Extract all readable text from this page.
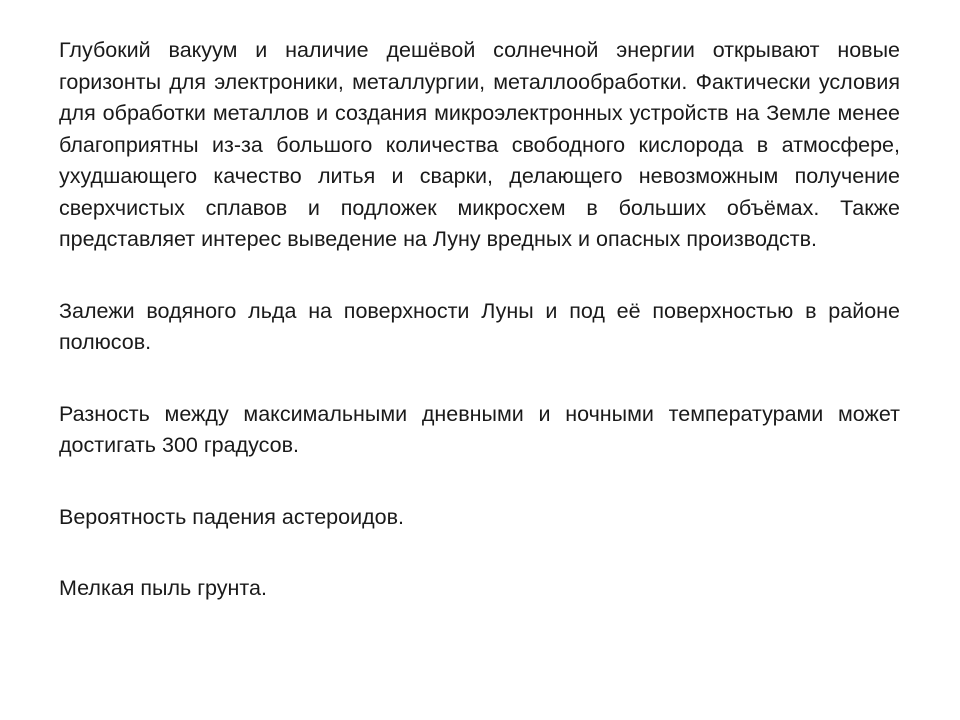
Глубокий вакуум и наличие дешёвой солнечной энергии открывают новые горизонты для электроники, металлургии, металлообработки. Фактически условия для обработки металлов и создания микроэлектронных устройств на Земле менее благоприятны из-за большого количества свободного кислорода в атмосфере, ухудшающего качество литья и сварки, делающего невозможным получение сверхчистых сплавов и подложек микросхем в больших объёмах. Также представляет интерес выведение на Луну вредных и опасных производств.

Залежи водяного льда на поверхности Луны и под её поверхностью в районе полюсов.

Разность между максимальными дневными и ночными температурами может достигать 300 градусов.

Вероятность падения астероидов.

Мелкая пыль грунта.
